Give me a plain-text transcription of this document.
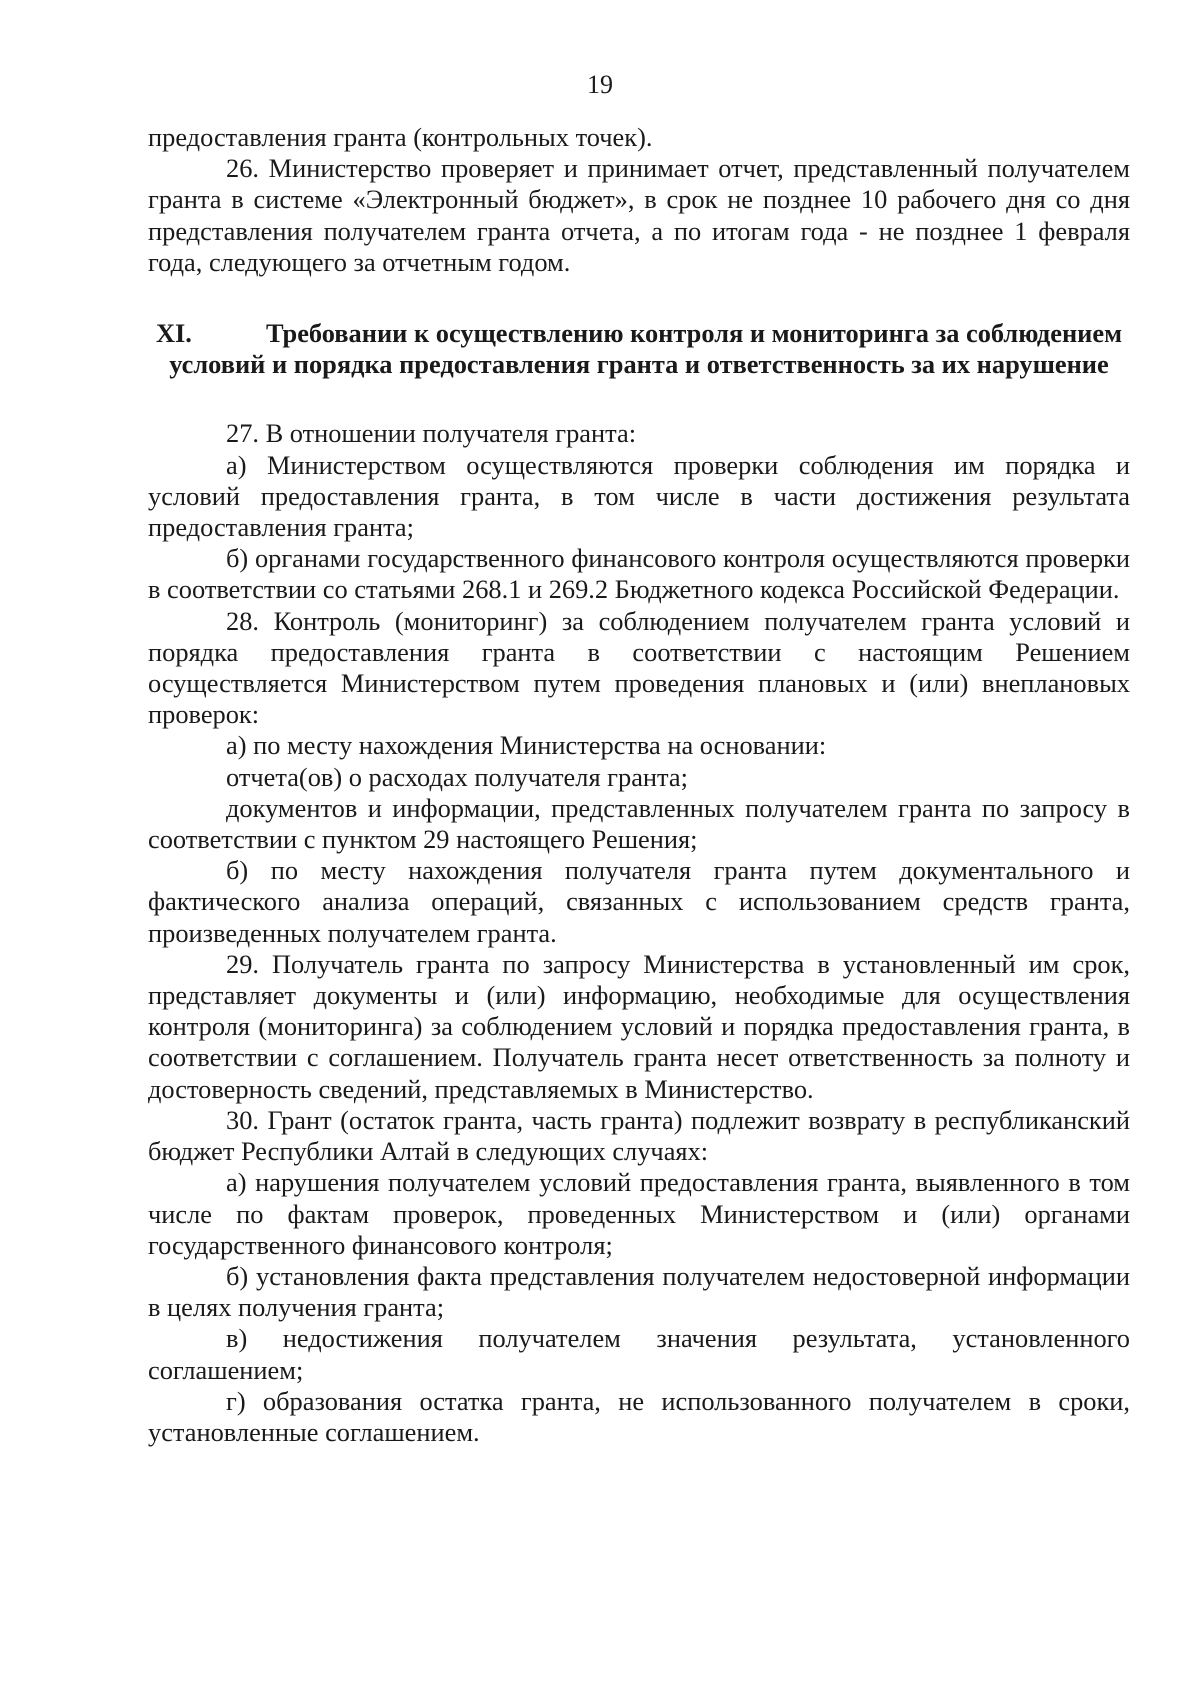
19

предоставления гранта (контрольных точек).

26. Министерство проверяет и принимает отчет, представленный получателем гранта в системе «Электронный бюджет», в срок не позднее 10 рабочего дня со дня представления получателем гранта отчета, а по итогам года - не позднее 1 февраля года, следующего за отчетным годом.

XI.	Требовании к осуществлению контроля и мониторинга за соблюдением условий и порядка предоставления гранта и ответственность за их нарушение

27. В отношении получателя гранта:

а) Министерством осуществляются проверки соблюдения им порядка и условий предоставления гранта, в том числе в части достижения результата предоставления гранта;

б) органами государственного финансового контроля осуществляются проверки в соответствии со статьями 268.1 и 269.2 Бюджетного кодекса Российской Федерации.

28. Контроль (мониторинг) за соблюдением получателем гранта условий и порядка предоставления гранта в соответствии с настоящим Решением осуществляется Министерством путем проведения плановых и (или) внеплановых проверок:

а) по месту нахождения Министерства на основании:

отчета(ов) о расходах получателя гранта;

документов и информации, представленных получателем гранта по запросу в соответствии с пунктом 29 настоящего Решения;

б) по месту нахождения получателя гранта путем документального и фактического анализа операций, связанных с использованием средств гранта, произведенных получателем гранта.

29. Получатель гранта по запросу Министерства в установленный им срок, представляет документы и (или) информацию, необходимые для осуществления контроля (мониторинга) за соблюдением условий и порядка предоставления гранта, в соответствии с соглашением. Получатель гранта несет ответственность за полноту и достоверность сведений, представляемых в Министерство.

30. Грант (остаток гранта, часть гранта) подлежит возврату в республиканский бюджет Республики Алтай в следующих случаях:

а) нарушения получателем условий предоставления гранта, выявленного в том числе по фактам проверок, проведенных Министерством и (или) органами государственного финансового контроля;

б) установления факта представления получателем недостоверной информации в целях получения гранта;

в) недостижения получателем значения результата, установленного соглашением;

г) образования остатка гранта, не использованного получателем в сроки, установленные соглашением.
